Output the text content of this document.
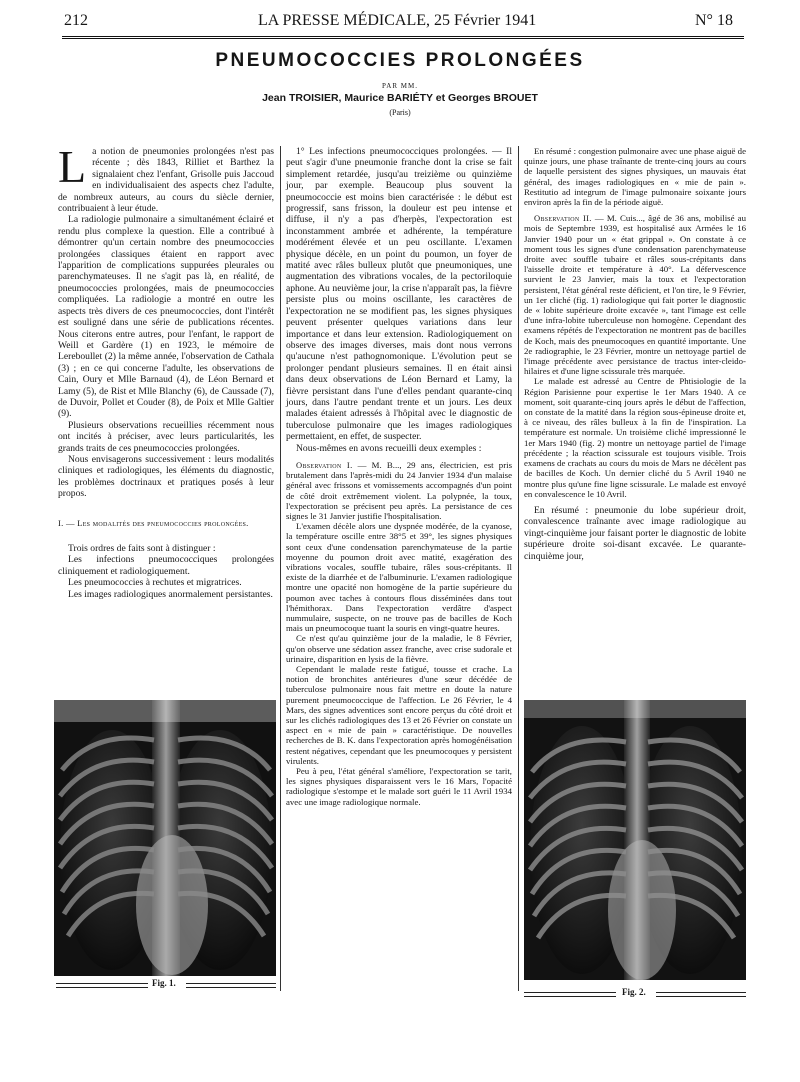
212	LA PRESSE MÉDICALE, 25 Février 1941	N° 18
PNEUMOCOCCIES PROLONGÉES
PAR MM.
Jean TROISIER, Maurice BARIÉTY et Georges BROUET
(Paris)

La notion de pneumonies prolongées n'est pas récente ; dès 1843, Rilliet et Barthez la signalaient chez l'enfant, Grisolle puis Jaccoud en individualisaient des aspects chez l'adulte, de nombreux auteurs, au cours du siècle dernier, contribuaient à leur étude.

La radiologie pulmonaire a simultanément éclairé et rendu plus complexe la question. Elle a contribué à démontrer qu'un certain nombre des pneumococcies prolongées classiques étaient en rapport avec l'apparition de complications suppurées pleurales ou parenchymateuses. Il ne s'agit pas là, en réalité, de pneumococcies prolongées, mais de pneumococcies compliquées. La radiologie a montré en outre les aspects très divers de ces pneumococcies, dont l'intérêt est souligné dans une série de publications récentes. Nous citerons entre autres, pour l'enfant, le rapport de Weill et Gardère (1) en 1923, le mémoire de Lereboullet (2) la même année, l'observation de Cathala (3) ; en ce qui concerne l'adulte, les observations de Cain, Oury et Mlle Barnaud (4), de Léon Bernard et Lamy (5), de Rist et Mlle Blanchy (6), de Caussade (7), de Duvoir, Pollet et Couder (8), de Poix et Mlle Galtier (9).

Plusieurs observations recueillies récemment nous ont incités à préciser, avec leurs particularités, les grands traits de ces pneumococcies prolongées.

Nous envisagerons successivement : leurs modalités cliniques et radiologiques, les éléments du diagnostic, les problèmes doctrinaux et pratiques posés à leur propos.

I. — Les modalités des pneumococcies prolongées.

Trois ordres de faits sont à distinguer :

Les infections pneumococciques prolongées cliniquement et radiologiquement.

Les pneumococcies à rechutes et migratrices.

Les images radiologiques anormalement persistantes.

1° Les infections pneumococciques prolongées. — Il peut s'agir d'une pneumonie franche dont la crise se fait simplement retardée, jusqu'au treizième ou quinzième jour, par exemple. Beaucoup plus souvent la pneumococcie est moins bien caractérisée : le début est progressif, sans frisson, la douleur est peu intense et diffuse, il n'y a pas d'herpès, l'expectoration est inconstamment ambrée et adhérente, la température modérément élevée et un peu oscillante. L'examen physique décèle, en un point du poumon, un foyer de matité avec râles bulleux plutôt que pneumoniques, une augmentation des vibrations vocales, de la pectoriloquie aphone. Au neuvième jour, la crise n'apparaît pas, la fièvre persiste plus ou moins oscillante, les caractères de l'expectoration ne se modifient pas, les signes physiques peuvent présenter quelques variations dans leur importance et dans leur extension. Radiologiquement on observe des images diverses, mais dont nous verrons qu'aucune n'est pathognomonique. L'évolution peut se prolonger pendant plusieurs semaines. Il en était ainsi dans deux observations de Léon Bernard et Lamy, la fièvre persistant dans l'une d'elles pendant quarante-cinq jours, dans l'autre pendant trente et un jours. Les deux malades étaient adressés à l'hôpital avec le diagnostic de tuberculose pulmonaire que les images radiologiques permettaient, en effet, de suspecter.

Nous-mêmes en avons recueilli deux exemples :

Observation I. — M. B..., 29 ans, électricien, est pris brutalement dans l'après-midi du 24 Janvier 1934 d'un malaise général avec frissons et vomissements accompagnés d'un point de côté droit extrêmement violent. La polypnée, la toux, l'expectoration se précisent peu après. La persistance de ces signes le 31 Janvier justifie l'hospitalisation.

L'examen décèle alors une dyspnée modérée, de la cyanose, la température oscille entre 38°5 et 39°, les signes physiques sont ceux d'une condensation parenchymateuse de la partie moyenne du poumon droit avec matité, exagération des vibrations vocales, souffle tubaire, râles sous-crépitants. Il existe de la diarrhée et de l'albuminurie. L'examen radiologique montre une opacité non homogène de la partie supérieure du poumon avec taches à contours flous disséminées dans tout l'hémithorax. Dans l'expectoration verdâtre d'aspect nummulaire, suspecte, on ne trouve pas de bacilles de Koch mais un pneumocoque tuant la souris en vingt-quatre heures.

Ce n'est qu'au quinzième jour de la maladie, le 8 Février, qu'on observe une sédation assez franche, avec crise sudorale et urinaire, disparition en lysis de la fièvre.

Cependant le malade reste fatigué, tousse et crache. La notion de bronchites antérieures d'une sœur décédée de tuberculose pulmonaire nous fait mettre en doute la nature purement pneumococcique de l'affection. Le 26 Février, le 4 Mars, des signes adventices sont encore perçus du côté droit et sur les clichés radiologiques des 13 et 26 Février on constate un aspect en « mie de pain » caractéristique. De nouvelles recherches de B. K. dans l'expectoration après homogénéisation restent négatives, cependant que les pneumocoques y persistent virulents.

Peu à peu, l'état général s'améliore, l'expectoration se tarit, les signes physiques disparaissent vers le 16 Mars, l'opacité radiologique s'estompe et le malade sort guéri le 11 Avril 1934 avec une image radiologique normale.

En résumé : congestion pulmonaire avec une phase aiguë de quinze jours, une phase traînante de trente-cinq jours au cours de laquelle persistent des signes physiques, un mauvais état général, des images radiologiques en « mie de pain ». Restitutio ad integrum de l'image pulmonaire soixante jours environ après la fin de la période aiguë.

Observation II. — M. Cuis..., âgé de 36 ans, mobilisé au mois de Septembre 1939, est hospitalisé aux Armées le 16 Janvier 1940 pour un « état grippal ». On constate à ce moment tous les signes d'une condensation parenchymateuse droite avec souffle tubaire et râles sous-crépitants dans l'aisselle droite et température à 40°. La défervescence survient le 23 Janvier, mais la toux et l'expectoration persistent, l'état général reste déficient, et l'on tire, le 9 Février, un 1er cliché (fig. 1) radiologique qui fait porter le diagnostic de « lobite supérieure droite excavée », tant l'image est celle d'une infra-lobite tuberculeuse non homogène. Cependant des examens répétés de l'expectoration ne montrent pas de bacilles de Koch, mais des pneumocoques en quantité importante. Une 2e radiographie, le 23 Février, montre un nettoyage partiel de l'image précédente avec persistance de tractus inter-cleido-hilaires et d'une ligne scissurale très marquée.

Le malade est adressé au Centre de Phtisiologie de la Région Parisienne pour expertise le 1er Mars 1940. A ce moment, soit quarante-cinq jours après le début de l'affection, on constate de la matité dans la région sous-épineuse droite et, à ce niveau, des râles bulleux à la fin de l'inspiration. La température est normale. Un troisième cliché impressionné le 1er Mars 1940 (fig. 2) montre un nettoyage partiel de l'image précédente ; la réaction scissurale est toujours visible. Trois examens de crachats au cours du mois de Mars ne décèlent pas de bacilles de Koch. Un dernier cliché du 5 Avril 1940 ne montre plus qu'une fine ligne scissurale. Le malade est envoyé en convalescence le 10 Avril.

En résumé : pneumonie du lobe supérieur droit, convalescence traînante avec image radiologique au vingt-cinquième jour faisant porter le diagnostic de lobite supérieure droite soi-disant excavée. Le quarante-cinquième jour,

Fig. 1.
Fig. 2.
